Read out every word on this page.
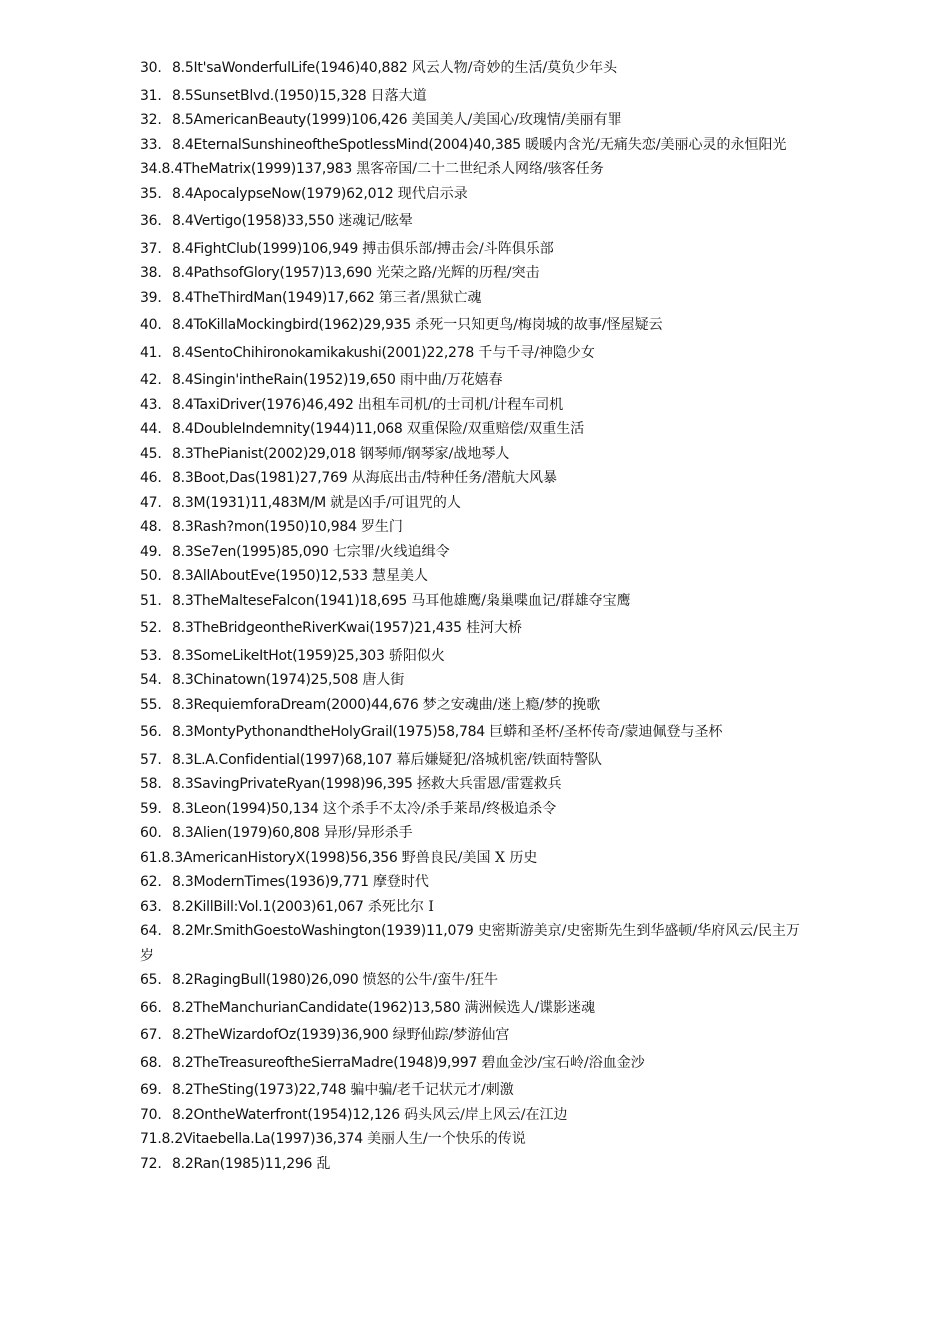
30. 8.5It'saWonderfulLife(1946)40,882 风云人物/奇妙的生活/莫负少年头
31. 8.5SunsetBlvd.(1950)15,328 日落大道
32. 8.5AmericanBeauty(1999)106,426 美国美人/美国心/玫瑰情/美丽有罪
33. 8.4EternalSunshineoftheSpotlessMind(2004)40,385 暖暖内含光/无痛失恋/美丽心灵的永恒阳光
34.8.4TheMatrix(1999)137,983 黑客帝国/二十二世纪杀人网络/骇客任务
35. 8.4ApocalypseNow(1979)62,012 现代启示录
36. 8.4Vertigo(1958)33,550 迷魂记/眩晕
37. 8.4FightClub(1999)106,949 搏击俱乐部/搏击会/斗阵俱乐部
38. 8.4PathsofGlory(1957)13,690 光荣之路/光辉的历程/突击
39. 8.4TheThirdMan(1949)17,662 第三者/黑狱亡魂
40. 8.4ToKillaMockingbird(1962)29,935 杀死一只知更鸟/梅岗城的故事/怪屋疑云
41. 8.4SentoChihironokamikakushi(2001)22,278 千与千寻/神隐少女
42. 8.4Singin'intheRain(1952)19,650 雨中曲/万花嬉春
43. 8.4TaxiDriver(1976)46,492 出租车司机/的士司机/计程车司机
44. 8.4DoubleIndemnity(1944)11,068 双重保险/双重赔偿/双重生活
45. 8.3ThePianist(2002)29,018 钢琴师/钢琴家/战地琴人
46. 8.3Boot,Das(1981)27,769 从海底出击/特种任务/潜航大风暴
47. 8.3M(1931)11,483M/M 就是凶手/可诅咒的人
48. 8.3Rash?mon(1950)10,984 罗生门
49. 8.3Se7en(1995)85,090 七宗罪/火线追缉令
50. 8.3AllAboutEve(1950)12,533 慧星美人
51. 8.3TheMalteseFalcon(1941)18,695 马耳他雄鹰/枭巢喋血记/群雄夺宝鹰
52. 8.3TheBridgeontheRiverKwai(1957)21,435 桂河大桥
53. 8.3SomeLikeItHot(1959)25,303 骄阳似火
54. 8.3Chinatown(1974)25,508 唐人街
55. 8.3RequiemforaDream(2000)44,676 梦之安魂曲/迷上瘾/梦的挽歌
56. 8.3MontyPythonandtheHolyGrail(1975)58,784 巨蟒和圣杯/圣杯传奇/蒙迪佩登与圣杯
57. 8.3L.A.Confidential(1997)68,107 幕后嫌疑犯/洛城机密/铁面特警队
58. 8.3SavingPrivateRyan(1998)96,395 拯救大兵雷恩/雷霆救兵
59. 8.3Leon(1994)50,134 这个杀手不太冷/杀手莱昂/终极追杀令
60. 8.3Alien(1979)60,808 异形/异形杀手
61.8.3AmericanHistoryX(1998)56,356 野兽良民/美国 X 历史
62. 8.3ModernTimes(1936)9,771 摩登时代
63. 8.2KillBill:Vol.1(2003)61,067 杀死比尔 I
64. 8.2Mr.SmithGoestoWashington(1939)11,079 史密斯游美京/史密斯先生到华盛顿/华府风云/民主万岁
65. 8.2RagingBull(1980)26,090 愤怒的公牛/蛮牛/狂牛
66. 8.2TheManchurianCandidate(1962)13,580 满洲候选人/谍影迷魂
67. 8.2TheWizardofOz(1939)36,900 绿野仙踪/梦游仙宫
68. 8.2TheTreasureoftheSierraMadre(1948)9,997 碧血金沙/宝石岭/浴血金沙
69. 8.2TheSting(1973)22,748 骗中骗/老千记状元才/刺激
70. 8.2OntheWaterfront(1954)12,126 码头风云/岸上风云/在江边
71.8.2Vitaebella.La(1997)36,374 美丽人生/一个快乐的传说
72. 8.2Ran(1985)11,296 乱
